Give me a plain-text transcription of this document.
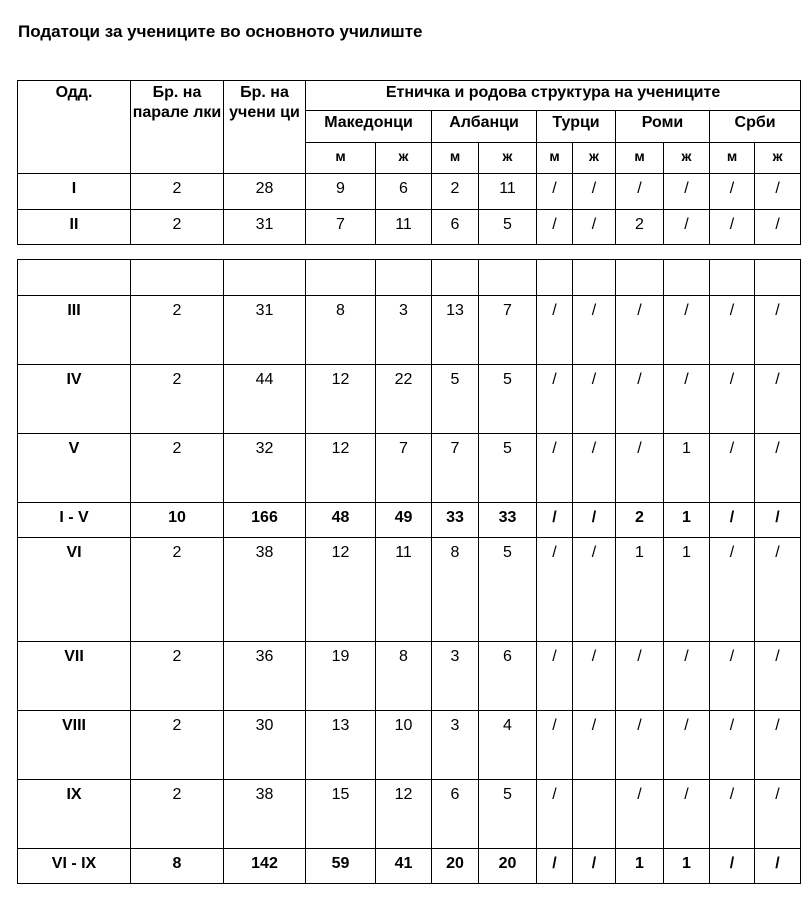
Податоци за учениците во основното училиште
Одд.	Бр. на парале лки	Бр. на учени ци	Етничка и родова структура на учениците									
			Македонци		Албанци		Турци		Роми		Срби	
			м	ж	м	ж	м	ж	м	ж	м	ж
I	2	28	9	6	2	11	/	/	/	/	/	/
II	2	31	7	11	6	5	/	/	2	/	/	/

III	2	31	8	3	13	7	/	/	/	/	/	/
IV	2	44	12	22	5	5	/	/	/	/	/	/
V	2	32	12	7	7	5	/	/	/	1	/	/
I - V	10	166	48	49	33	33	/	/	2	1	/	/
VI	2	38	12	11	8	5	/	/	1	1	/	/
VII	2	36	19	8	3	6	/	/	/	/	/	/
VIII	2	30	13	10	3	4	/	/	/	/	/	/
IX	2	38	15	12	6	5	/		/	/	/	/
VI - IX	8	142	59	41	20	20	/	/	1	1	/	/
